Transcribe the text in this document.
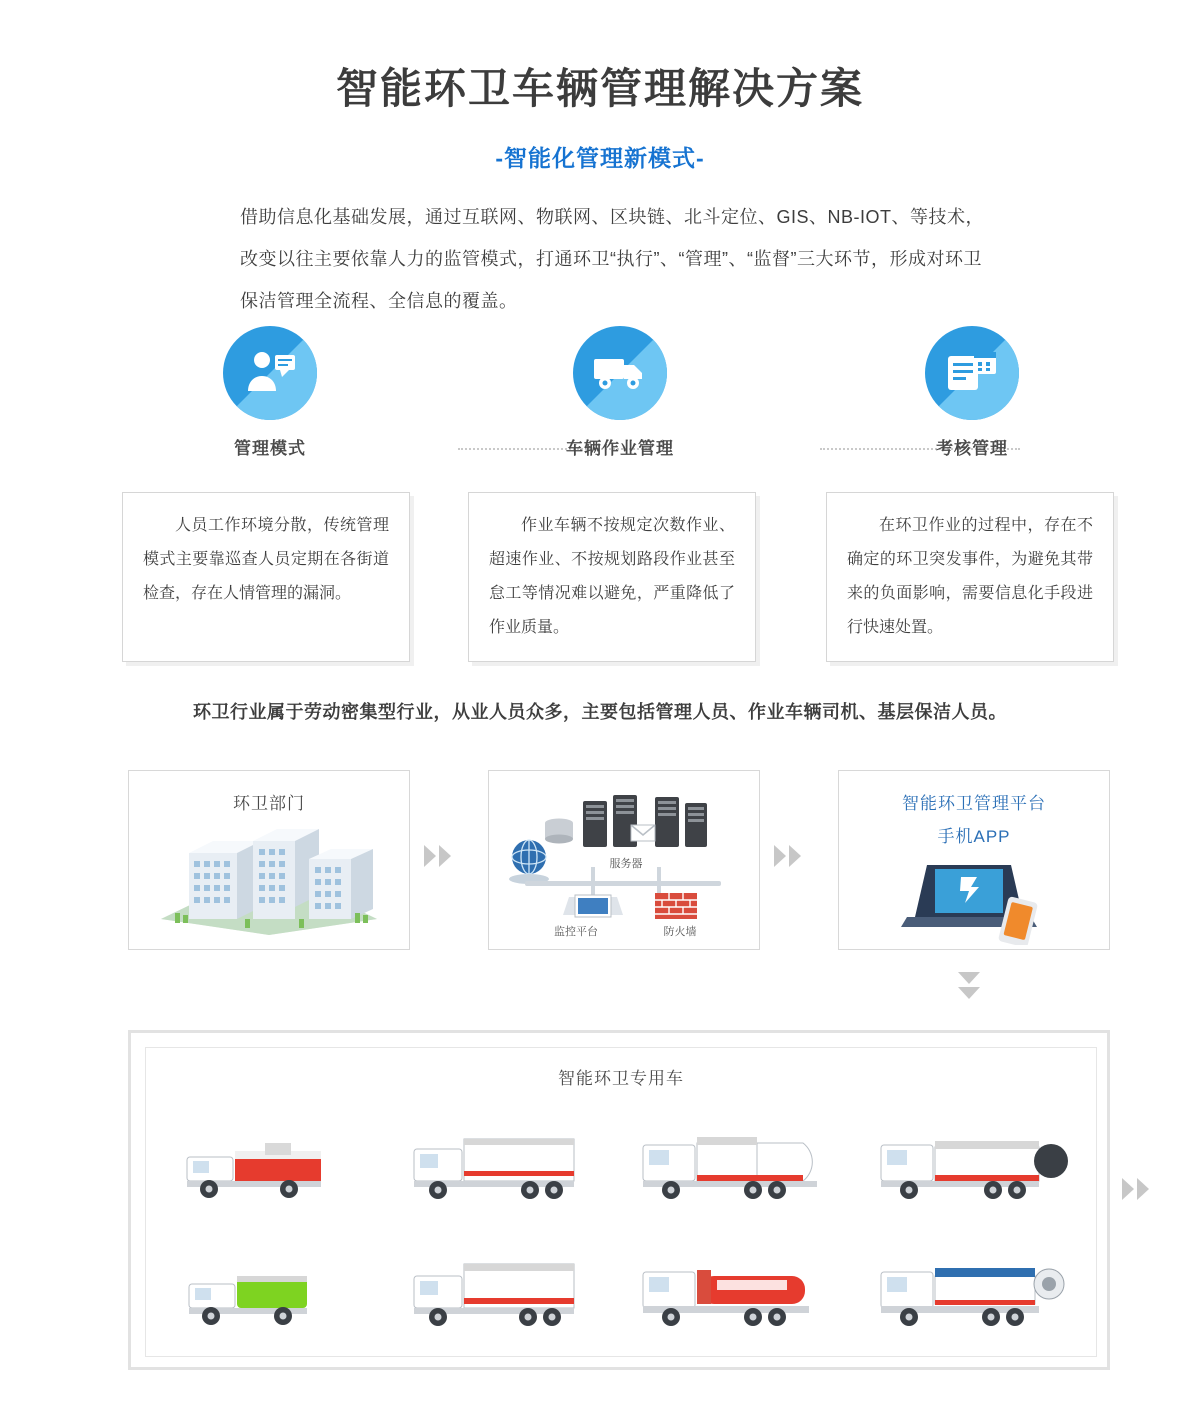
智能环卫车辆管理解决方案
-智能化管理新模式-
借助信息化基础发展，通过互联网、物联网、区块链、北斗定位、GIS、NB-IOT、等技术，改变以往主要依靠人力的监管模式，打通环卫“执行”、“管理”、“监督”三大环节，形成对环卫保洁管理全流程、全信息的覆盖。
管理模式	车辆作业管理	考核管理
人员工作环境分散，传统管理模式主要靠巡查人员定期在各街道检查，存在人情管理的漏洞。
作业车辆不按规定次数作业、超速作业、不按规划路段作业甚至怠工等情况难以避免，严重降低了作业质量。
在环卫作业的过程中，存在不确定的环卫突发事件，为避免其带来的负面影响，需要信息化手段进行快速处置。
环卫行业属于劳动密集型行业，从业人员众多，主要包括管理人员、作业车辆司机、基层保洁人员。
环卫部门
监控平台	防火墙
服务器
智能环卫管理平台
手机APP
智能环卫专用车
